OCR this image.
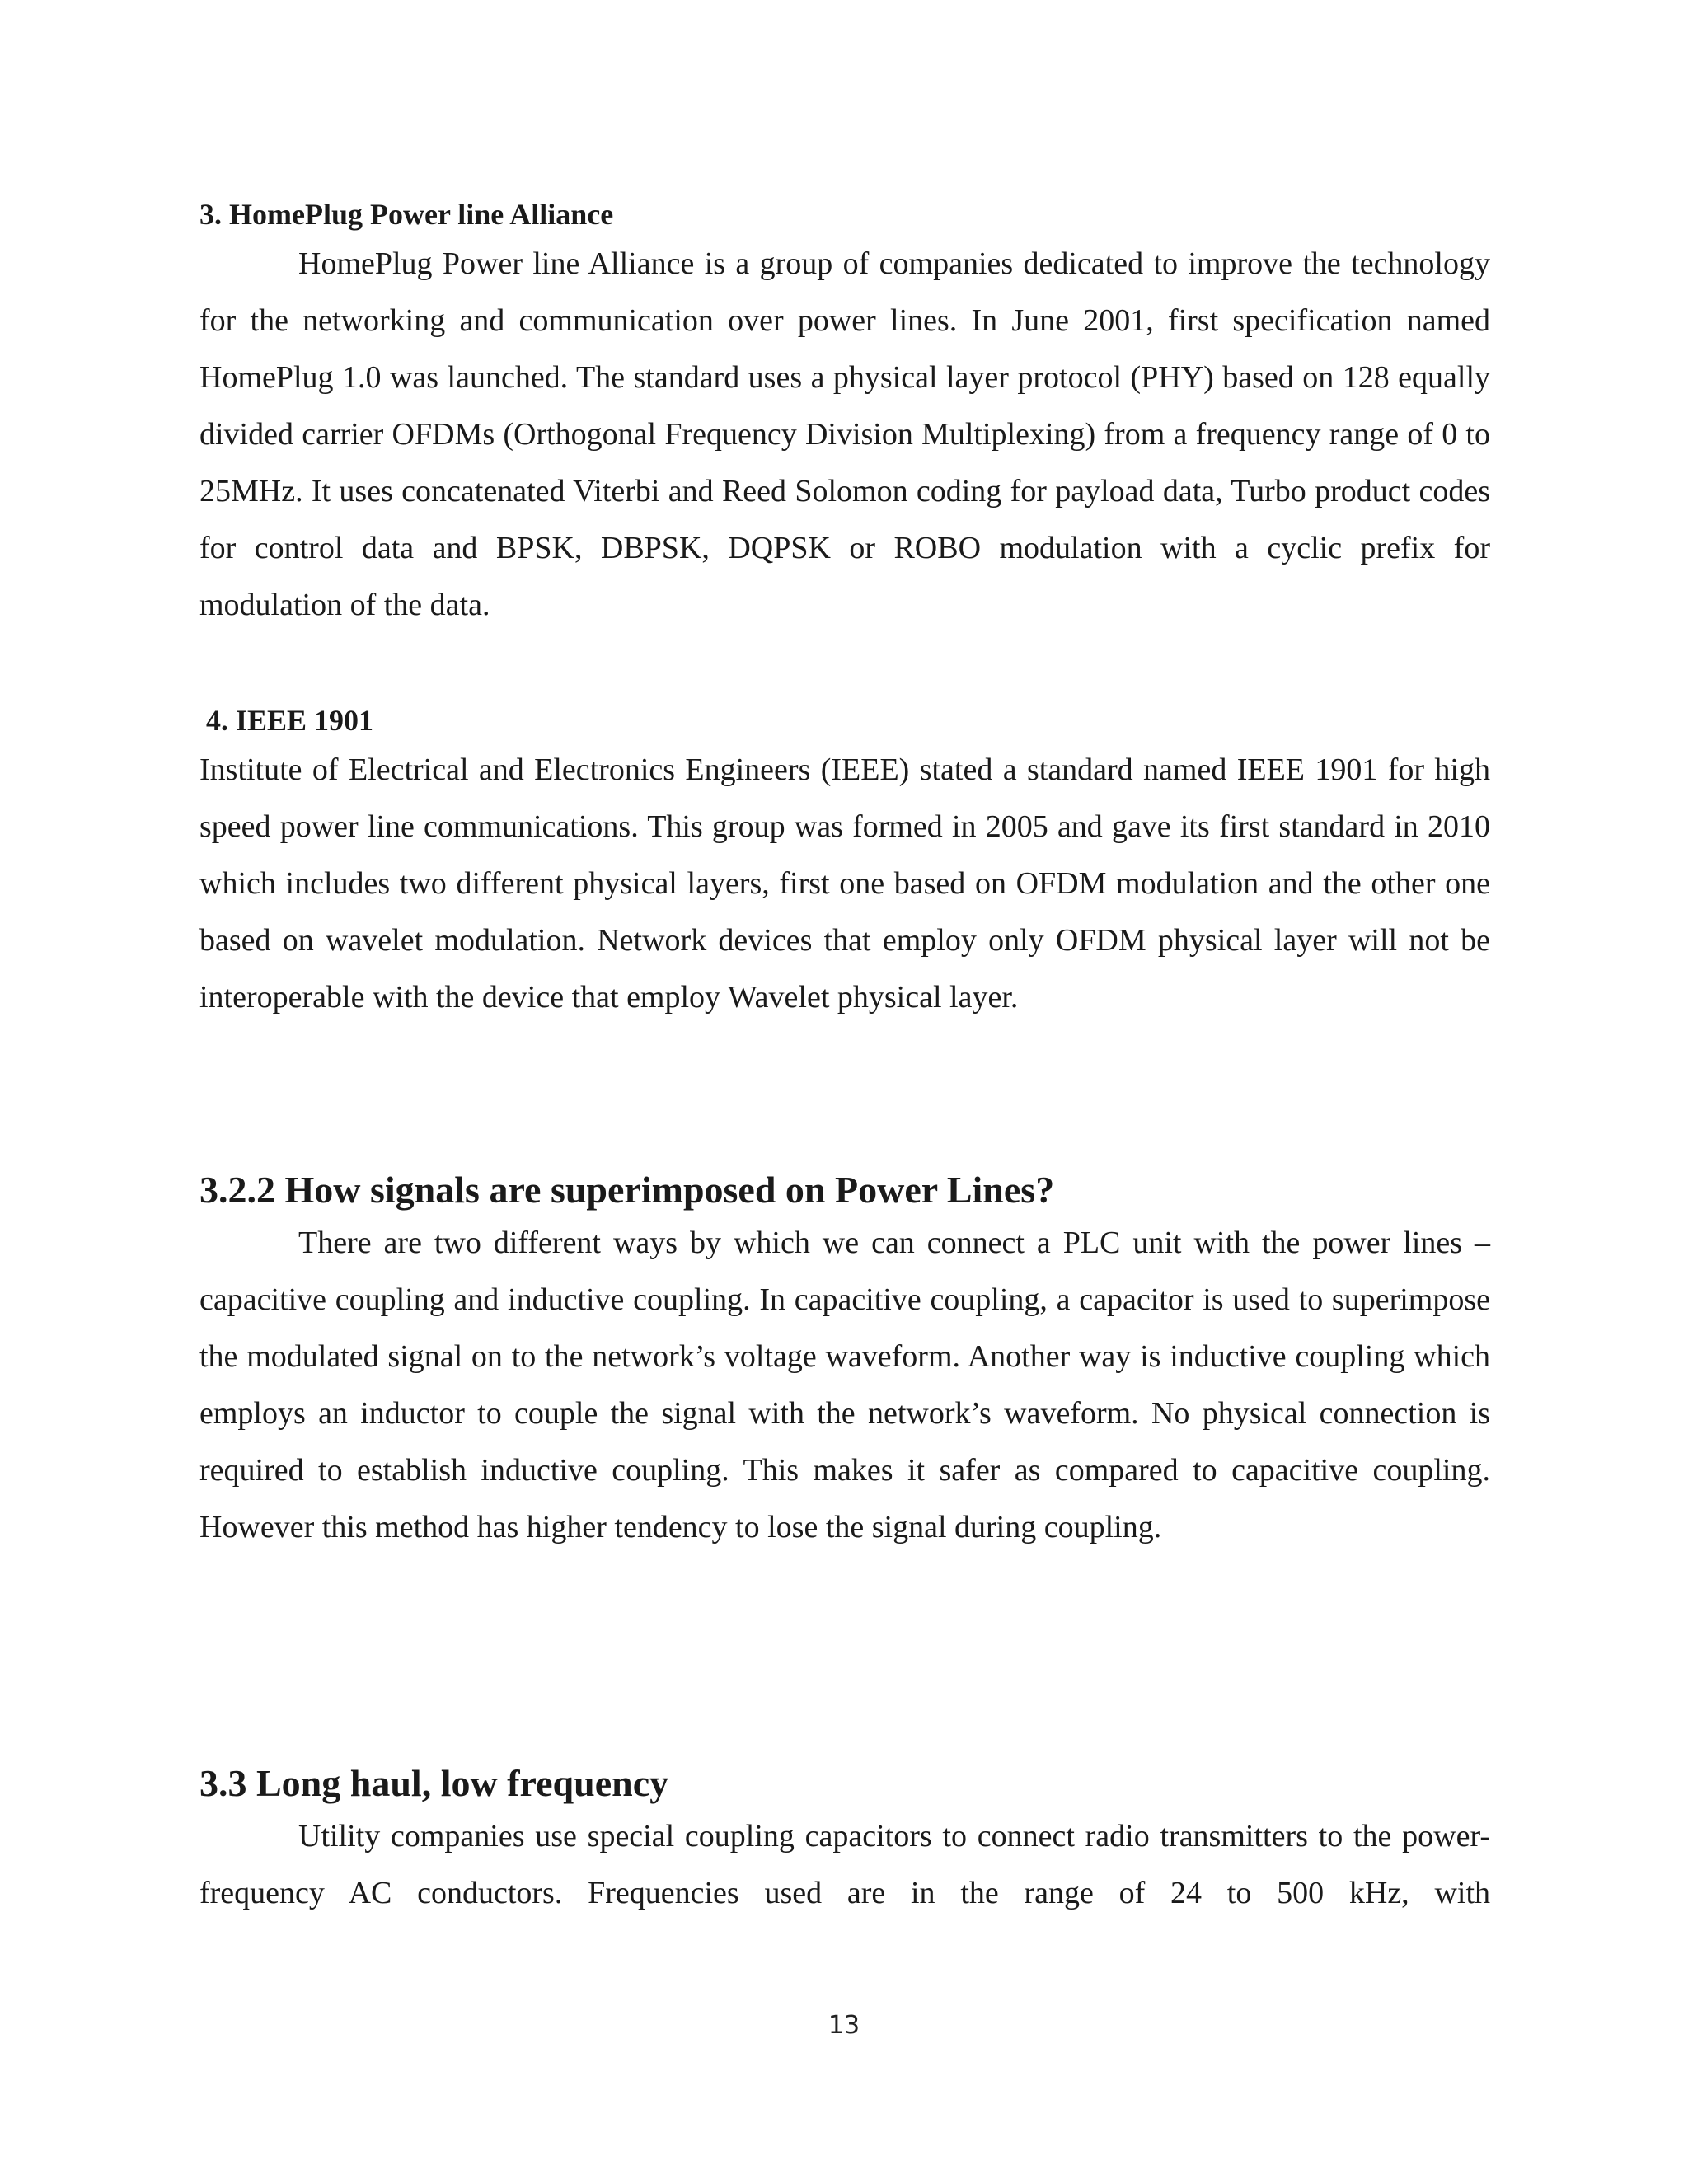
3. HomePlug Power line Alliance

HomePlug Power line Alliance is a group of companies dedicated to improve the technology for the networking and communication over power lines. In June 2001, first specification named HomePlug 1.0 was launched. The standard uses a physical layer protocol (PHY) based on 128 equally divided carrier OFDMs (Orthogonal Frequency Division Multiplexing) from a frequency range of 0 to 25MHz. It uses concatenated Viterbi and Reed Solomon coding for payload data, Turbo product codes for control data and BPSK, DBPSK, DQPSK or ROBO modulation with a cyclic prefix for modulation of the data.

4. IEEE 1901

Institute of Electrical and Electronics Engineers (IEEE) stated a standard named IEEE 1901 for high speed power line communications. This group was formed in 2005 and gave its first standard in 2010 which includes two different physical layers, first one based on OFDM modulation and the other one based on wavelet modulation. Network devices that employ only OFDM physical layer will not be interoperable with the device that employ Wavelet physical layer.

3.2.2 How signals are superimposed on Power Lines?

There are two different ways by which we can connect a PLC unit with the power lines – capacitive coupling and inductive coupling. In capacitive coupling, a capacitor is used to superimpose the modulated signal on to the network’s voltage waveform. Another way is inductive coupling which employs an inductor to couple the signal with the network’s waveform. No physical connection is required to establish inductive coupling. This makes it safer as compared to capacitive coupling. However this method has higher tendency to lose the signal during coupling.

3.3 Long haul, low frequency

Utility companies use special coupling capacitors to connect radio transmitters to the power-frequency AC conductors. Frequencies used are in the range of 24 to 500 kHz, with

13
